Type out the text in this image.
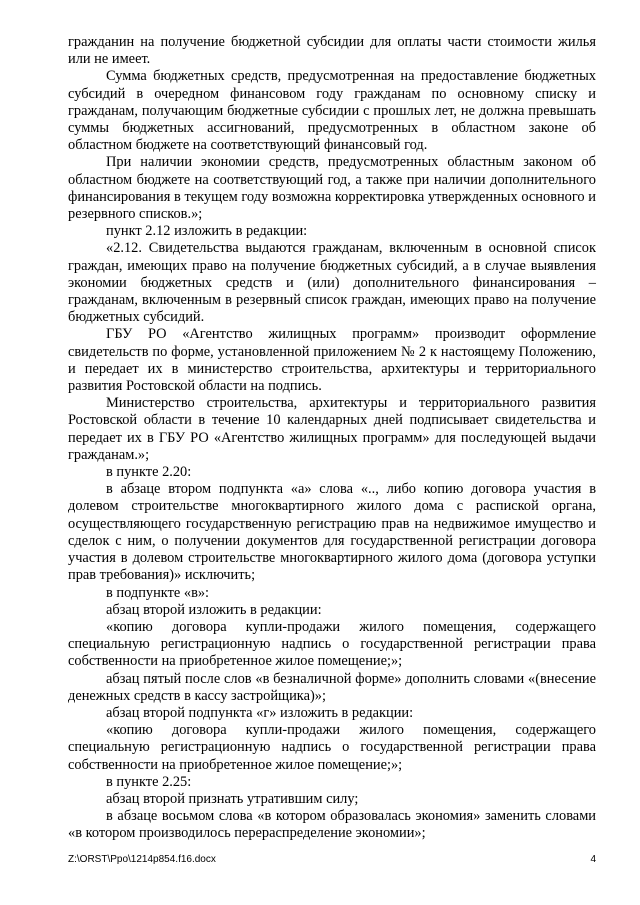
гражданин на получение бюджетной субсидии для оплаты части стоимости жилья или не имеет.

Сумма бюджетных средств, предусмотренная на предоставление бюджетных субсидий в очередном финансовом году гражданам по основному списку и гражданам, получающим бюджетные субсидии с прошлых лет, не должна превышать суммы бюджетных ассигнований, предусмотренных в областном законе об областном бюджете на соответствующий финансовый год.

При наличии экономии средств, предусмотренных областным законом об областном бюджете на соответствующий год, а также при наличии дополнительного финансирования в текущем году возможна корректировка утвержденных основного и резервного списков.»;

пункт 2.12 изложить в редакции:

«2.12. Свидетельства выдаются гражданам, включенным в основной список граждан, имеющих право на получение бюджетных субсидий, а в случае выявления экономии бюджетных средств и (или) дополнительного финансирования – гражданам, включенным в резервный список граждан, имеющих право на получение бюджетных субсидий.

ГБУ РО «Агентство жилищных программ» производит оформление свидетельств по форме, установленной приложением № 2 к настоящему Положению, и передает их в министерство строительства, архитектуры и территориального развития Ростовской области на подпись.

Министерство строительства, архитектуры и территориального развития Ростовской области в течение 10 календарных дней подписывает свидетельства и передает их в ГБУ РО «Агентство жилищных программ» для последующей выдачи гражданам.»;

в пункте 2.20:

в абзаце втором подпункта «а» слова «.., либо копию договора участия в долевом строительстве многоквартирного жилого дома с распиской органа, осуществляющего государственную регистрацию прав на недвижимое имущество и сделок с ним, о получении документов для государственной регистрации договора участия в долевом строительстве многоквартирного жилого дома (договора уступки прав требования)» исключить;

в подпункте «в»:

абзац второй изложить в редакции:

«копию договора купли-продажи жилого помещения, содержащего специальную регистрационную надпись о государственной регистрации права собственности на приобретенное жилое помещение;»;

абзац пятый после слов «в безналичной форме» дополнить словами «(внесение денежных средств в кассу застройщика)»;

абзац второй подпункта «г» изложить в редакции:

«копию договора купли-продажи жилого помещения, содержащего специальную регистрационную надпись о государственной регистрации права собственности на приобретенное жилое помещение;»;

в пункте 2.25:

абзац второй признать утратившим силу;

в абзаце восьмом слова «в котором образовалась экономия» заменить словами «в котором производилось перераспределение экономии»;

Z:\ORST\Ppo\1214p854.f16.docx	4
